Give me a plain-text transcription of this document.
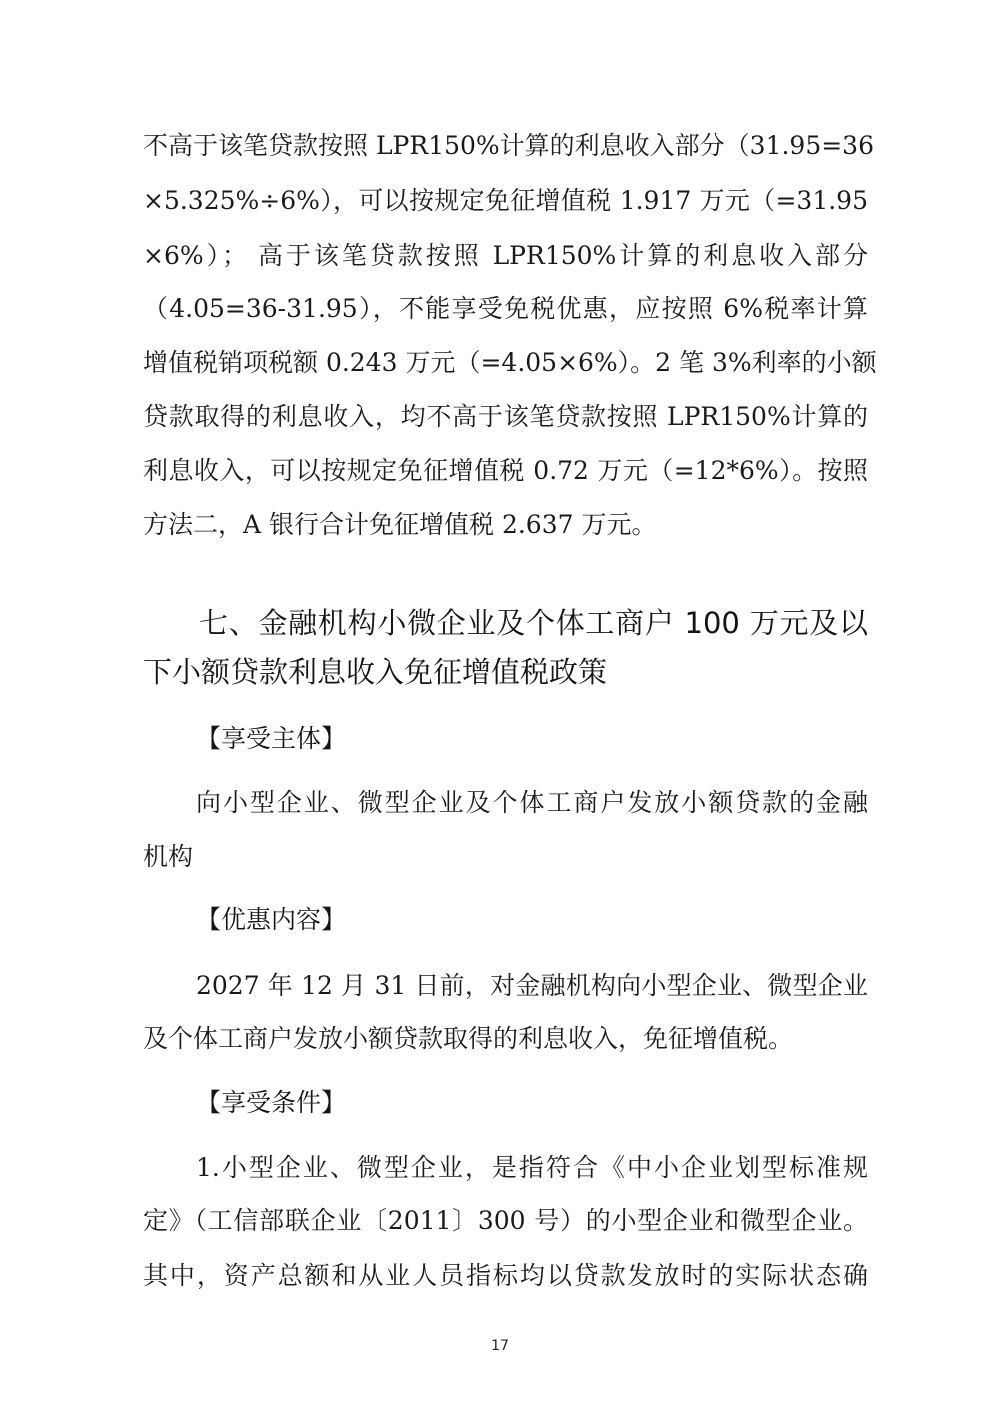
不高于该笔贷款按照 LPR150%计算的利息收入部分（31.95=36
×5.325%÷6%），可以按规定免征增值税 1.917 万元（=31.95
×6%）； 高于该笔贷款按照 LPR150%计算的利息收入部分
（4.05=36-31.95），不能享受免税优惠，应按照 6%税率计算
增值税销项税额 0.243 万元（=4.05×6%）。2 笔 3%利率的小额
贷款取得的利息收入，均不高于该笔贷款按照 LPR150%计算的
利息收入，可以按规定免征增值税 0.72 万元（=12*6%）。按照
方法二，A 银行合计免征增值税 2.637 万元。
七、金融机构小微企业及个体工商户 100 万元及以
下小额贷款利息收入免征增值税政策
【享受主体】
向小型企业、微型企业及个体工商户发放小额贷款的金融
机构
【优惠内容】
2027 年 12 月 31 日前，对金融机构向小型企业、微型企业
及个体工商户发放小额贷款取得的利息收入，免征增值税。
【享受条件】
1.小型企业、微型企业，是指符合《中小企业划型标准规
定》（工信部联企业〔2011〕300 号）的小型企业和微型企业。
其中，资产总额和从业人员指标均以贷款发放时的实际状态确
17
